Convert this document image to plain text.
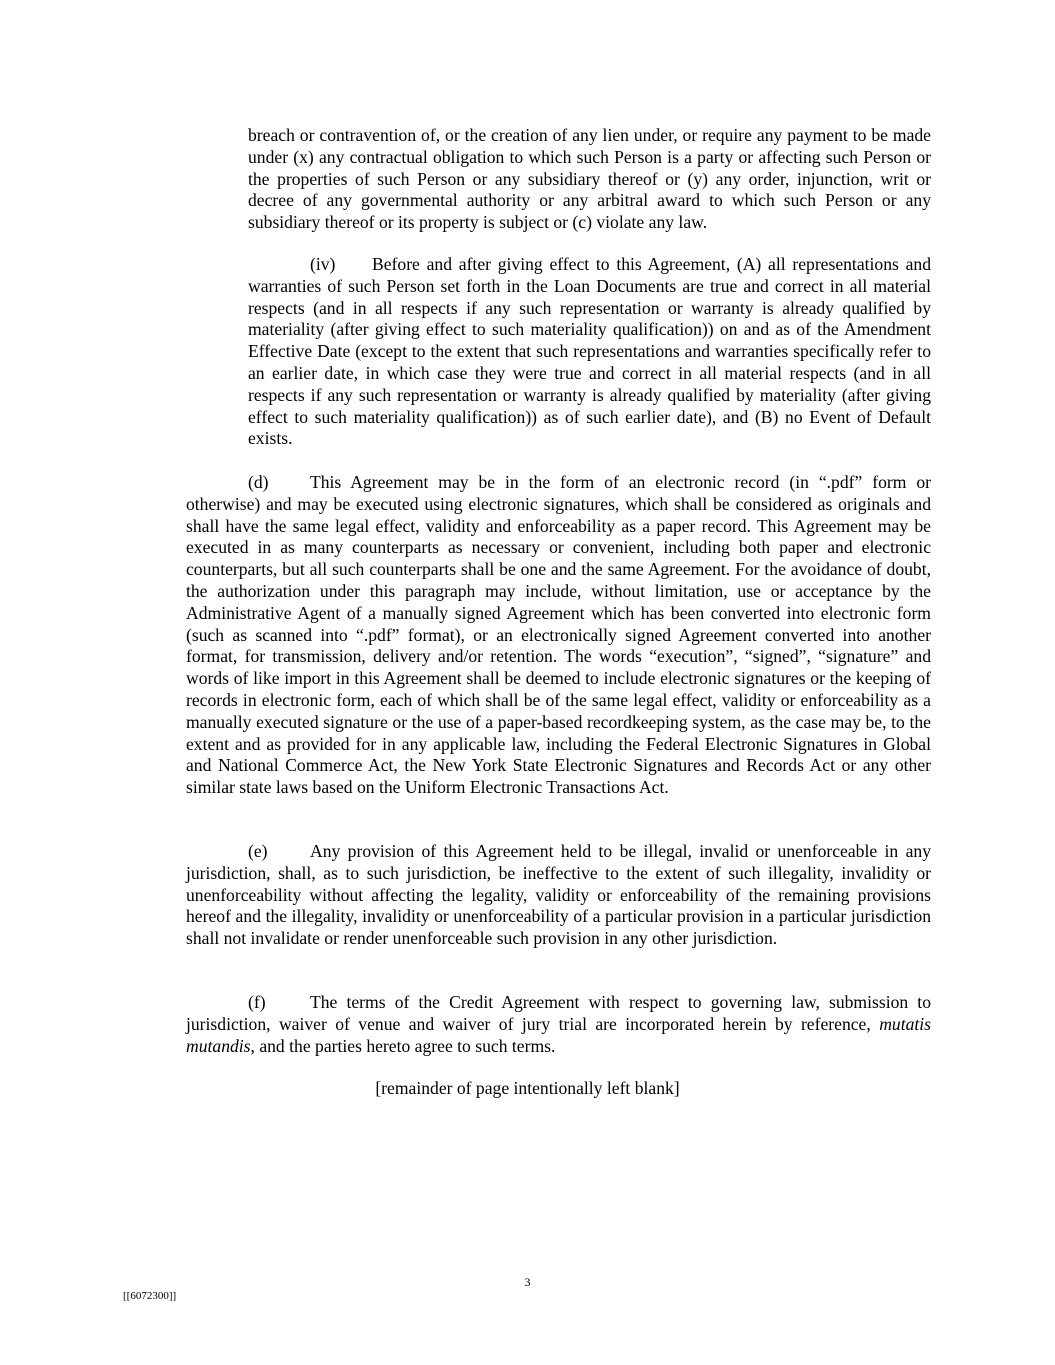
breach or contravention of, or the creation of any lien under, or require any payment to be made under (x) any contractual obligation to which such Person is a party or affecting such Person or the properties of such Person or any subsidiary thereof or (y) any order, injunction, writ or decree of any governmental authority or any arbitral award to which such Person or any subsidiary thereof or its property is subject or (c) violate any law.

(iv) Before and after giving effect to this Agreement, (A) all representations and warranties of such Person set forth in the Loan Documents are true and correct in all material respects (and in all respects if any such representation or warranty is already qualified by materiality (after giving effect to such materiality qualification)) on and as of the Amendment Effective Date (except to the extent that such representations and warranties specifically refer to an earlier date, in which case they were true and correct in all material respects (and in all respects if any such representation or warranty is already qualified by materiality (after giving effect to such materiality qualification)) as of such earlier date), and (B) no Event of Default exists.

(d) This Agreement may be in the form of an electronic record (in “.pdf” form or otherwise) and may be executed using electronic signatures, which shall be considered as originals and shall have the same legal effect, validity and enforceability as a paper record. This Agreement may be executed in as many counterparts as necessary or convenient, including both paper and electronic counterparts, but all such counterparts shall be one and the same Agreement. For the avoidance of doubt, the authorization under this paragraph may include, without limitation, use or acceptance by the Administrative Agent of a manually signed Agreement which has been converted into electronic form (such as scanned into “.pdf” format), or an electronically signed Agreement converted into another format, for transmission, delivery and/or retention. The words “execution”, “signed”, “signature” and words of like import in this Agreement shall be deemed to include electronic signatures or the keeping of records in electronic form, each of which shall be of the same legal effect, validity or enforceability as a manually executed signature or the use of a paper-based recordkeeping system, as the case may be, to the extent and as provided for in any applicable law, including the Federal Electronic Signatures in Global and National Commerce Act, the New York State Electronic Signatures and Records Act or any other similar state laws based on the Uniform Electronic Transactions Act.

(e) Any provision of this Agreement held to be illegal, invalid or unenforceable in any jurisdiction, shall, as to such jurisdiction, be ineffective to the extent of such illegality, invalidity or unenforceability without affecting the legality, validity or enforceability of the remaining provisions hereof and the illegality, invalidity or unenforceability of a particular provision in a particular jurisdiction shall not invalidate or render unenforceable such provision in any other jurisdiction.

(f)	The terms of the Credit Agreement with respect to governing law, submission to jurisdiction, waiver of venue and waiver of jury trial are incorporated herein by reference, mutatis mutandis, and the parties hereto agree to such terms.

[remainder of page intentionally left blank]

3

[[6072300]]
